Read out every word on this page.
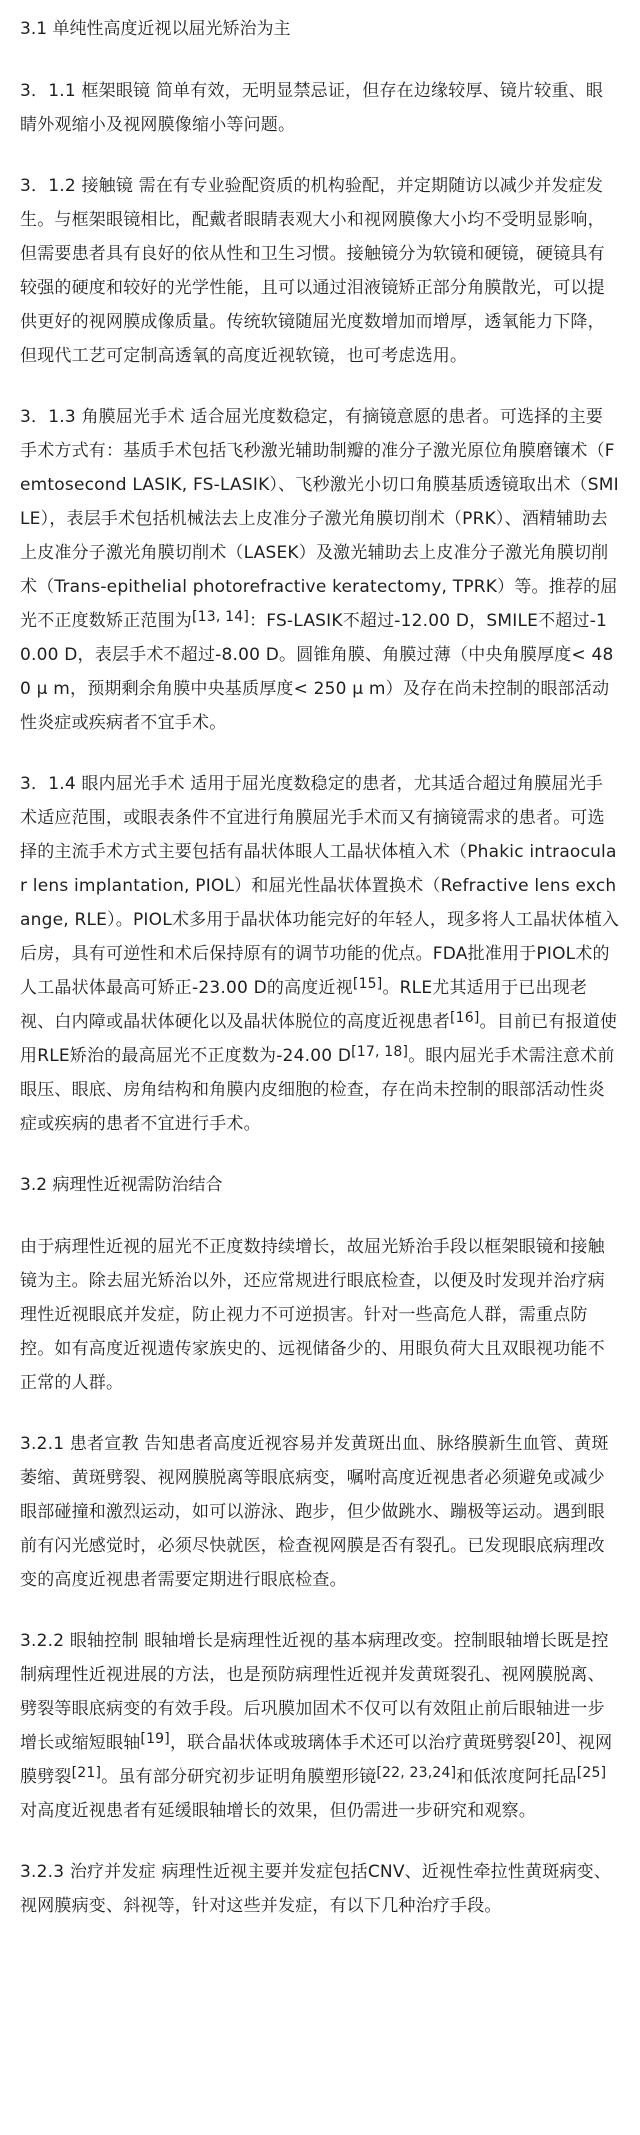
3.1 单纯性高度近视以屈光矫治为主
3．1.1 框架眼镜 简单有效，无明显禁忌证，但存在边缘较厚、镜片较重、眼睛外观缩小及视网膜像缩小等问题。
3．1.2 接触镜 需在有专业验配资质的机构验配，并定期随访以减少并发症发生。与框架眼镜相比，配戴者眼睛表观大小和视网膜像大小均不受明显影响，但需要患者具有良好的依从性和卫生习惯。接触镜分为软镜和硬镜，硬镜具有较强的硬度和较好的光学性能，且可以通过泪液镜矫正部分角膜散光，可以提供更好的视网膜成像质量。传统软镜随屈光度数增加而增厚，透氧能力下降，但现代工艺可定制高透氧的高度近视软镜，也可考虑选用。
3．1.3 角膜屈光手术 适合屈光度数稳定，有摘镜意愿的患者。可选择的主要手术方式有：基质手术包括飞秒激光辅助制瓣的准分子激光原位角膜磨镶术（Femtosecond LASIK, FS-LASIK）、飞秒激光小切口角膜基质透镜取出术（SMILE），表层手术包括机械法去上皮准分子激光角膜切削术（PRK）、酒精辅助去上皮准分子激光角膜切削术（LASEK）及激光辅助去上皮准分子激光角膜切削术（Trans-epithelial photorefractive keratectomy, TPRK）等。推荐的屈光不正度数矫正范围为[13, 14]：FS-LASIK不超过-12.00 D，SMILE不超过-10.00 D，表层手术不超过-8.00 D。圆锥角膜、角膜过薄（中央角膜厚度< 480 μ m，预期剩余角膜中央基质厚度< 250 μ m）及存在尚未控制的眼部活动性炎症或疾病者不宜手术。
3．1.4 眼内屈光手术 适用于屈光度数稳定的患者，尤其适合超过角膜屈光手术适应范围，或眼表条件不宜进行角膜屈光手术而又有摘镜需求的患者。可选择的主流手术方式主要包括有晶状体眼人工晶状体植入术（Phakic intraocular lens implantation, PIOL）和屈光性晶状体置换术（Refractive lens exchange, RLE）。PIOL术多用于晶状体功能完好的年轻人，现多将人工晶状体植入后房，具有可逆性和术后保持原有的调节功能的优点。FDA批准用于PIOL术的人工晶状体最高可矫正-23.00 D的高度近视[15]。RLE尤其适用于已出现老视、白内障或晶状体硬化以及晶状体脱位的高度近视患者[16]。目前已有报道使用RLE矫治的最高屈光不正度数为-24.00 D[17, 18]。眼内屈光手术需注意术前眼压、眼底、房角结构和角膜内皮细胞的检查，存在尚未控制的眼部活动性炎症或疾病的患者不宜进行手术。
3.2 病理性近视需防治结合
由于病理性近视的屈光不正度数持续增长，故屈光矫治手段以框架眼镜和接触镜为主。除去屈光矫治以外，还应常规进行眼底检查，以便及时发现并治疗病理性近视眼底并发症，防止视力不可逆损害。针对一些高危人群，需重点防控。如有高度近视遗传家族史的、远视储备少的、用眼负荷大且双眼视功能不正常的人群。
3.2.1 患者宣教 告知患者高度近视容易并发黄斑出血、脉络膜新生血管、黄斑萎缩、黄斑劈裂、视网膜脱离等眼底病变，嘱咐高度近视患者必须避免或减少眼部碰撞和激烈运动，如可以游泳、跑步，但少做跳水、蹦极等运动。遇到眼前有闪光感觉时，必须尽快就医，检查视网膜是否有裂孔。已发现眼底病理改变的高度近视患者需要定期进行眼底检查。
3.2.2 眼轴控制 眼轴增长是病理性近视的基本病理改变。控制眼轴增长既是控制病理性近视进展的方法，也是预防病理性近视并发黄斑裂孔、视网膜脱离、劈裂等眼底病变的有效手段。后巩膜加固术不仅可以有效阻止前后眼轴进一步增长或缩短眼轴[19]，联合晶状体或玻璃体手术还可以治疗黄斑劈裂[20]、视网膜劈裂[21]。虽有部分研究初步证明角膜塑形镜[22, 23,24]和低浓度阿托品[25]对高度近视患者有延缓眼轴增长的效果，但仍需进一步研究和观察。
3.2.3 治疗并发症 病理性近视主要并发症包括CNV、近视性牵拉性黄斑病变、视网膜病变、斜视等，针对这些并发症，有以下几种治疗手段。
